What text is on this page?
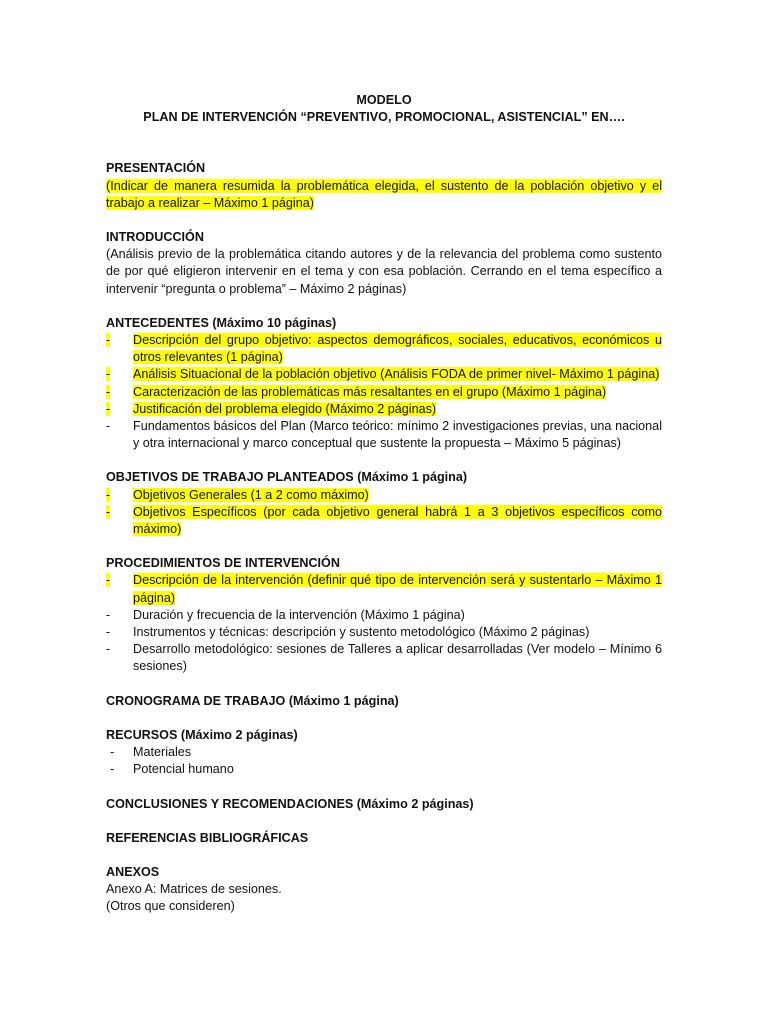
MODELO
PLAN DE INTERVENCIÓN “PREVENTIVO, PROMOCIONAL, ASISTENCIAL” EN….
PRESENTACIÓN
(Indicar de manera resumida la problemática elegida, el sustento de la población objetivo y el trabajo a realizar – Máximo 1 página)
INTRODUCCIÓN
(Análisis previo de la problemática citando autores y de la relevancia del problema como sustento de por qué eligieron intervenir en el tema y con esa población. Cerrando en el tema específico a intervenir “pregunta o problema” – Máximo 2 páginas)
ANTECEDENTES (Máximo 10 páginas)
-	Descripción del grupo objetivo: aspectos demográficos, sociales, educativos, económicos u otros relevantes (1 página)
-	Análisis Situacional de la población objetivo (Análisis FODA de primer nivel- Máximo 1 página)
-	Caracterización de las problemáticas más resaltantes en el grupo (Máximo 1 página)
-	Justificación del problema elegido (Máximo 2 páginas)
-	Fundamentos básicos del Plan (Marco teórico: mínimo 2 investigaciones previas, una nacional y otra internacional y marco conceptual que sustente la propuesta – Máximo 5 páginas)
OBJETIVOS DE TRABAJO PLANTEADOS (Máximo 1 página)
-	Objetivos Generales (1 a 2 como máximo)
-	Objetivos Específicos (por cada objetivo general habrá 1 a 3 objetivos específicos como máximo)
PROCEDIMIENTOS DE INTERVENCIÓN
-	Descripción de la intervención (definir qué tipo de intervención será y sustentarlo – Máximo 1 página)
-	Duración y frecuencia de la intervención (Máximo 1 página)
-	Instrumentos y técnicas: descripción y sustento metodológico (Máximo 2 páginas)
-	Desarrollo metodológico: sesiones de Talleres a aplicar desarrolladas (Ver modelo – Mínimo 6 sesiones)
CRONOGRAMA DE TRABAJO (Máximo 1 página)
RECURSOS (Máximo 2 páginas)
-	Materiales
-	Potencial humano
CONCLUSIONES Y RECOMENDACIONES (Máximo 2 páginas)
REFERENCIAS BIBLIOGRÁFICAS
ANEXOS
Anexo A: Matrices de sesiones.
(Otros que consideren)
